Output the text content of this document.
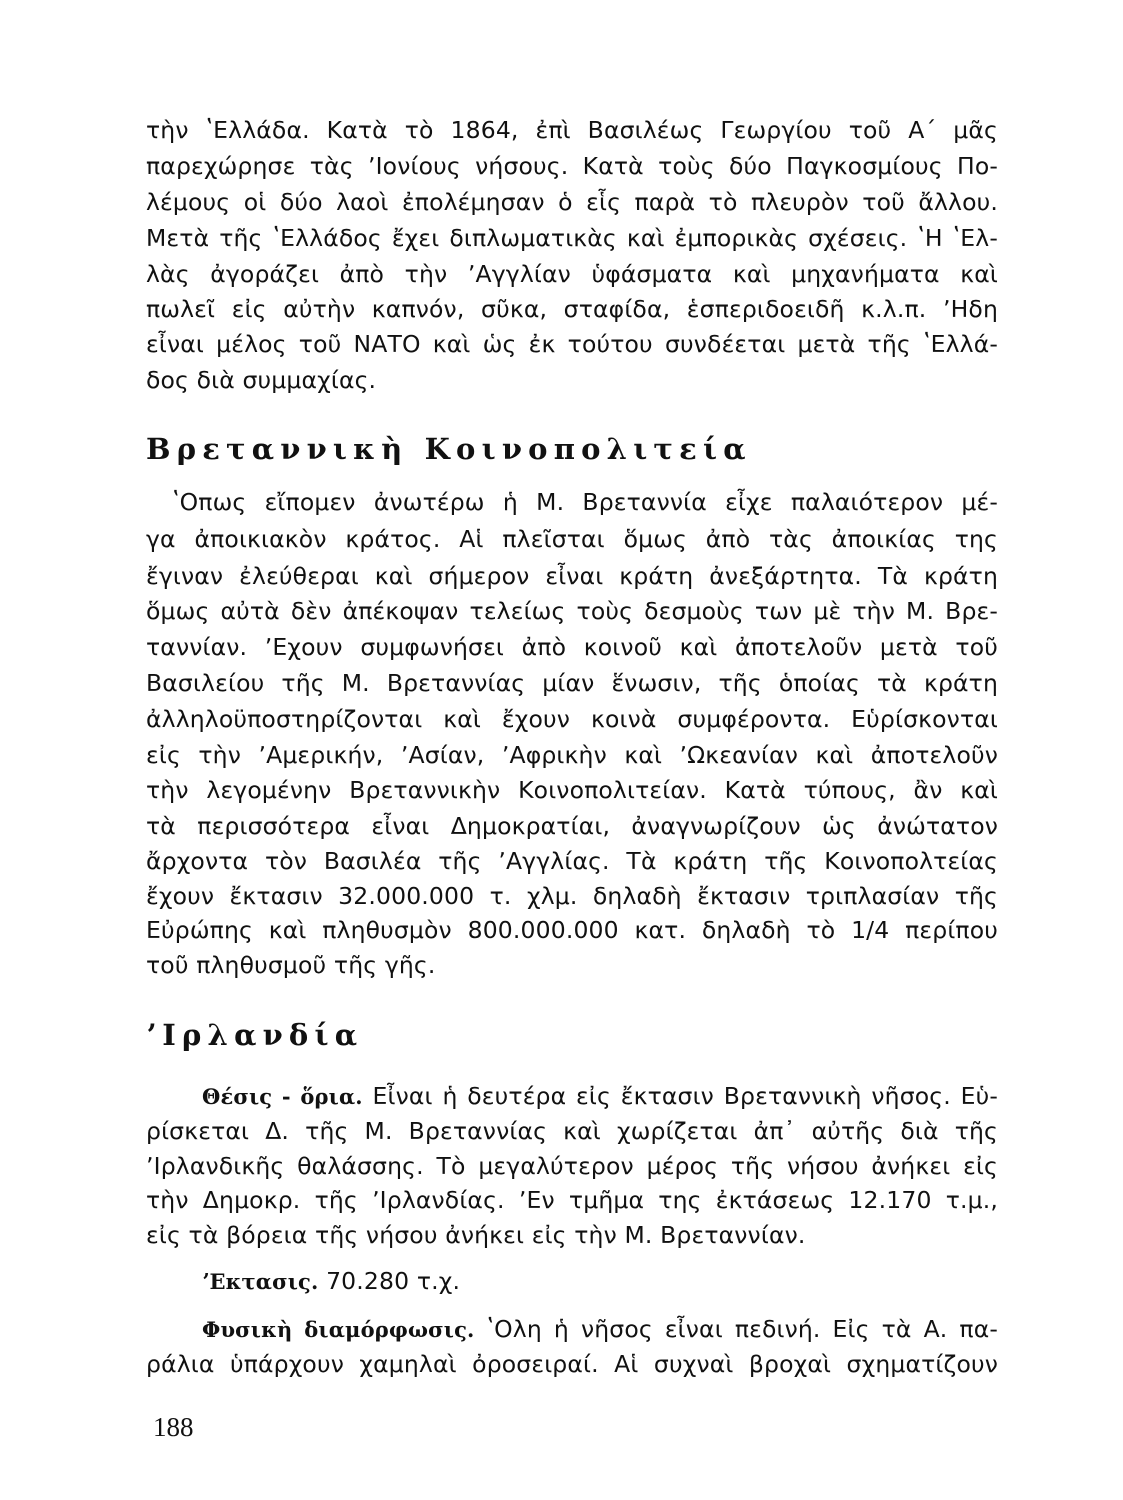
τὴν ʽΕλλάδα. Κατὰ τὸ 1864, ἐπὶ Βασιλέως Γεωργίου τοῦ Α΄ μᾶς
παρεχώρησε τὰς ʼΙονίους νήσους. Κατὰ τοὺς δύο Παγκοσμίους Πο-
λέμους οἱ δύο λαοὶ ἐπολέμησαν ὁ εἷς παρὰ τὸ πλευρὸν τοῦ ἄλλου.
Μετὰ τῆς ʽΕλλάδος ἔχει διπλωματικὰς καὶ ἐμπορικὰς σχέσεις. ʽΗ ʽΕλ-
λὰς ἀγοράζει ἀπὸ τὴν ʼΑγγλίαν ὑφάσματα καὶ μηχανήματα καὶ
πωλεῖ εἰς αὐτὴν καπνόν, σῦκα, σταφίδα, ἑσπεριδοειδῆ κ.λ.π. ʼΗδη
εἶναι μέλος τοῦ ΝΑΤΟ καὶ ὡς ἐκ τούτου συνδέεται μετὰ τῆς ʽΕλλά-
δος διὰ συμμαχίας.
Βρεταννικὴ Κοινοπολιτεία
ʽΟπως εἴπομεν ἀνωτέρω ἡ Μ. Βρεταννία εἶχε παλαιότερον μέ-
γα ἀποικιακὸν κράτος. Αἱ πλεῖσται ὅμως ἀπὸ τὰς ἀποικίας της
ἔγιναν ἐλεύθεραι καὶ σήμερον εἶναι κράτη ἀνεξάρτητα. Τὰ κράτη
ὅμως αὐτὰ δὲν ἀπέκοψαν τελείως τοὺς δεσμοὺς των μὲ τὴν Μ. Βρε-
ταννίαν. ʼΕχουν συμφωνήσει ἀπὸ κοινοῦ καὶ ἀποτελοῦν μετὰ τοῦ
Βασιλείου τῆς Μ. Βρεταννίας μίαν ἕνωσιν, τῆς ὁποίας τὰ κράτη
ἀλληλοϋποστηρίζονται καὶ ἔχουν κοινὰ συμφέροντα. Εὑρίσκονται
εἰς τὴν ʼΑμερικήν, ʼΑσίαν, ʼΑφρικὴν καὶ ʼΩκεανίαν καὶ ἀποτελοῦν
τὴν λεγομένην Βρεταννικὴν Κοινοπολιτείαν. Κατὰ τύπους, ἂν καὶ
τὰ περισσότερα εἶναι Δημοκρατίαι, ἀναγνωρίζουν ὡς ἀνώτατον
ἄρχοντα τὸν Βασιλέα τῆς ʼΑγγλίας. Τὰ κράτη τῆς Κοινοπολτείας
ἔχουν ἔκτασιν 32.000.000 τ. χλμ. δηλαδὴ ἔκτασιν τριπλασίαν τῆς
Εὐρώπης καὶ πληθυσμὸν 800.000.000 κατ. δηλαδὴ τὸ 1/4 περίπου
τοῦ πληθυσμοῦ τῆς γῆς.
ʼΙρλανδία
Θέσις - ὅρια. Εἶναι ἡ δευτέρα εἰς ἔκτασιν Βρεταννικὴ νῆσος. Εὑ-
ρίσκεται Δ. τῆς Μ. Βρεταννίας καὶ χωρίζεται ἀπ᾽ αὐτῆς διὰ τῆς
ʼΙρλανδικῆς θαλάσσης. Τὸ μεγαλύτερον μέρος τῆς νήσου ἀνήκει εἰς
τὴν Δημοκρ. τῆς ʼΙρλανδίας. ʼΕν τμῆμα της ἐκτάσεως 12.170 τ.μ.,
εἰς τὰ βόρεια τῆς νήσου ἀνήκει εἰς τὴν Μ. Βρεταννίαν.
ʼΕκτασις. 70.280 τ.χ.
Φυσικὴ διαμόρφωσις. ʽΟλη ἡ νῆσος εἶναι πεδινή. Εἰς τὰ Α. πα-
ράλια ὑπάρχουν χαμηλαὶ ὀροσειραί. Αἱ συχναὶ βροχαὶ σχηματίζουν
188
